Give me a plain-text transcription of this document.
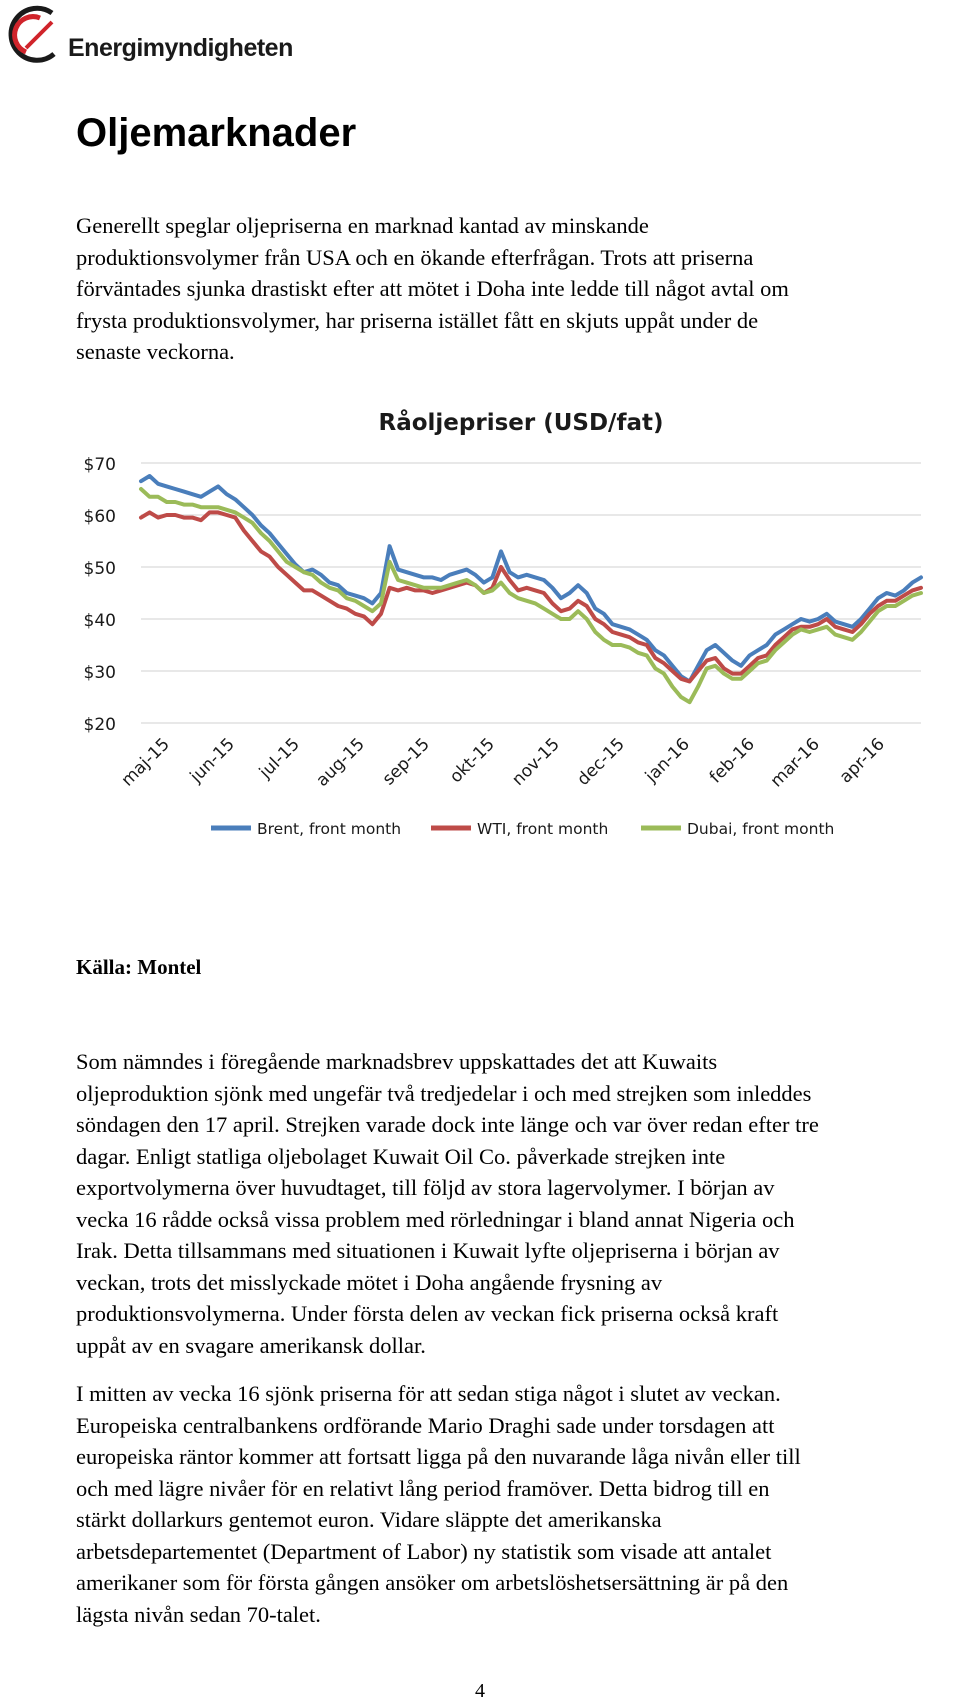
Energimyndigheten
Oljemarknader

Generellt speglar oljepriserna en marknad kantad av minskande
produktionsvolymer från USA och en ökande efterfrågan. Trots att priserna
förväntades sjunka drastiskt efter att mötet i Doha inte ledde till något avtal om
frysta produktionsvolymer, har priserna istället fått en skjuts uppåt under de
senaste veckorna.

Råoljepriser (USD/fat)
$70
$60
$50
$40
$30
$20
maj-15 jun-15 jul-15 aug-15 sep-15 okt-15 nov-15 dec-15 jan-16 feb-16 mar-16 apr-16
Brent, front month	WTI, front month	Dubai, front month
Källa: Montel

Som nämndes i föregående marknadsbrev uppskattades det att Kuwaits
oljeproduktion sjönk med ungefär två tredjedelar i och med strejken som inleddes
söndagen den 17 april. Strejken varade dock inte länge och var över redan efter tre
dagar. Enligt statliga oljebolaget Kuwait Oil Co. påverkade strejken inte
exportvolymerna över huvudtaget, till följd av stora lagervolymer. I början av
vecka 16 rådde också vissa problem med rörledningar i bland annat Nigeria och
Irak. Detta tillsammans med situationen i Kuwait lyfte oljepriserna i början av
veckan, trots det misslyckade mötet i Doha angående frysning av
produktionsvolymerna. Under första delen av veckan fick priserna också kraft
uppåt av en svagare amerikansk dollar.

I mitten av vecka 16 sjönk priserna för att sedan stiga något i slutet av veckan.
Europeiska centralbankens ordförande Mario Draghi sade under torsdagen att
europeiska räntor kommer att fortsatt ligga på den nuvarande låga nivån eller till
och med lägre nivåer för en relativt lång period framöver. Detta bidrog till en
stärkt dollarkurs gentemot euron. Vidare släppte det amerikanska
arbetsdepartementet (Department of Labor) ny statistik som visade att antalet
amerikaner som för första gången ansöker om arbetslöshetsersättning är på den
lägsta nivån sedan 70-talet.

4
